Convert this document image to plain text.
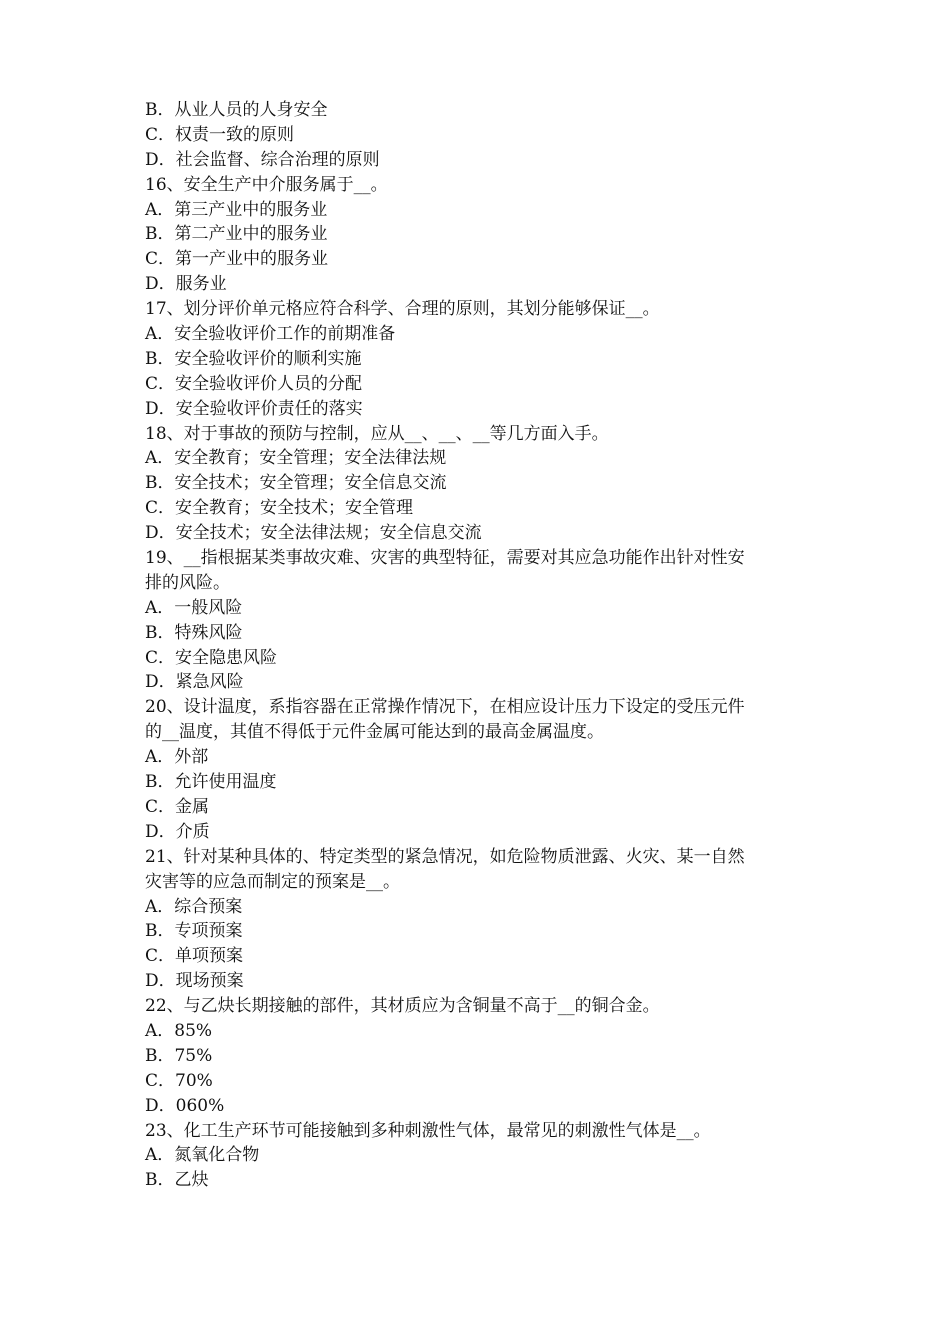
B．从业人员的人身安全
C．权责一致的原则
D．社会监督、综合治理的原则
16、安全生产中介服务属于__。
A．第三产业中的服务业
B．第二产业中的服务业
C．第一产业中的服务业
D．服务业
17、划分评价单元格应符合科学、合理的原则，其划分能够保证__。
A．安全验收评价工作的前期准备
B．安全验收评价的顺利实施
C．安全验收评价人员的分配
D．安全验收评价责任的落实
18、对于事故的预防与控制，应从__、__、__等几方面入手。
A．安全教育；安全管理；安全法律法规
B．安全技术；安全管理；安全信息交流
C．安全教育；安全技术；安全管理
D．安全技术；安全法律法规；安全信息交流
19、__指根据某类事故灾难、灾害的典型特征，需要对其应急功能作出针对性安
排的风险。
A．一般风险
B．特殊风险
C．安全隐患风险
D．紧急风险
20、设计温度，系指容器在正常操作情况下，在相应设计压力下设定的受压元件
的__温度，其值不得低于元件金属可能达到的最高金属温度。
A．外部
B．允许使用温度
C．金属
D．介质
21、针对某种具体的、特定类型的紧急情况，如危险物质泄露、火灾、某一自然
灾害等的应急而制定的预案是__。
A．综合预案
B．专项预案
C．单项预案
D．现场预案
22、与乙炔长期接触的部件，其材质应为含铜量不高于__的铜合金。
A．85%
B．75%
C．70%
D．060%
23、化工生产环节可能接触到多种刺激性气体，最常见的刺激性气体是__。
A．氮氧化合物
B．乙炔
